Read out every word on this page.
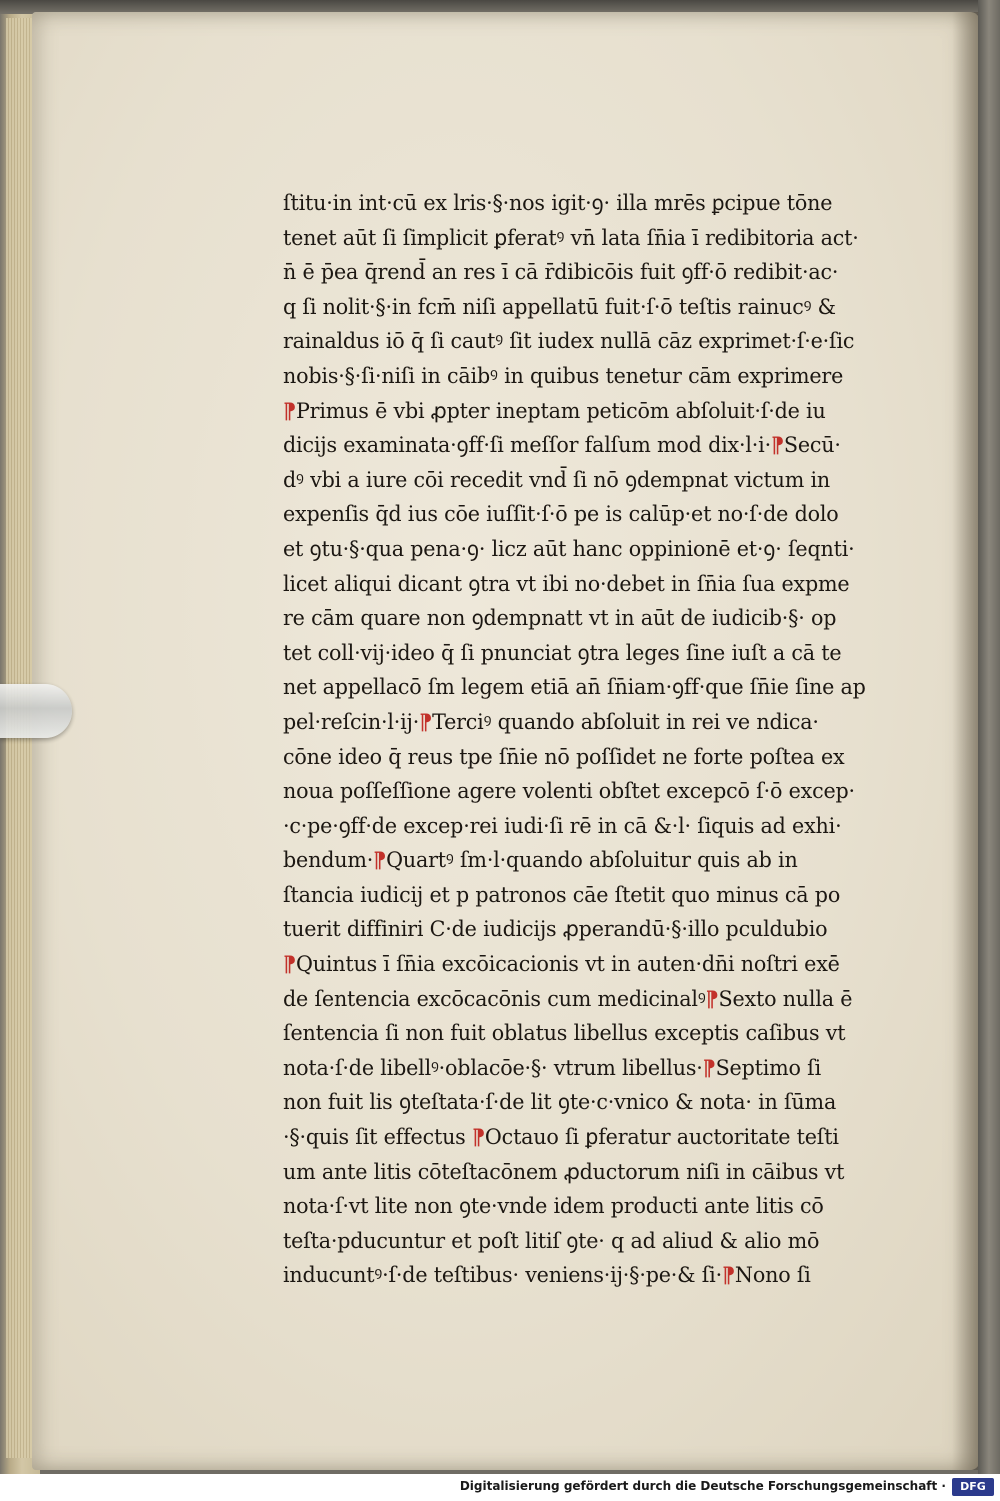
ſtitu·in int·cū ex lris·§·nos igit·ꝯ· illa mrēs ꝑcipue tōne
tenet aūt ſi ſimplicit ꝑferatꝰ vn̄ lata ſn̄ia ī redibitoria act·
n̄ ē p̄ea q̄rend̄ an res ī cā r̄dibicōis fuit ꝯff·ō redibit·ac·
q ſi nolit·§·in fcm̄ niſi appellatū fuit·ſ·ō teſtis rainucꝰ &
rainaldus iō q̄ ſi cautꝰ ſit iudex nullā cāz exprimet·ſ·e·ſic
nobis·§·ſi·niſi in cāibꝰ in quibus tenetur cām exprimere
⁋Primus ē vbi ꝓpter ineptam peticōm abſoluit·ſ·de iu
dicijs examinata·ꝯff·ſi meſſor falſum mod dix·l·i·⁋Secū·
dꝰ vbi a iure cōi recedit vnd̄ ſi nō ꝯdempnat victum in
expenſis q̄d ius cōe iuſſit·ſ·ō pe is calūp·et no·ſ·de dolo
et ꝯtu·§·qua pena·ꝯ· licz aūt hanc oppinionē et·ꝯ· ſeqnti·
licet aliqui dicant ꝯtra vt ibi no·debet in ſn̄ia ſua expme
re cām quare non ꝯdempnatt vt in aūt de iudicib·§· op
tet coll·vij·ideo q̄ ſi pnunciat ꝯtra leges ſine iuſt a cā te
net appellacō ſm legem etiā an̄ ſn̄iam·ꝯff·que ſn̄ie ſine ap
pel·reſcin·l·ij·⁋Terciꝰ quando abſoluit in rei ve ndica·
cōne ideo q̄ reus tpe ſn̄ie nō poſſidet ne forte poſtea ex
noua poſſeſſione agere volenti obſtet excepcō ſ·ō excep·
·c·pe·ꝯff·de excep·rei iudi·ſi rē in cā &·l· ſiquis ad exhi·
bendum·⁋Quartꝰ ſm·l·quando abſoluitur quis ab in
ſtancia iudicij et p patronos cāe ſtetit quo minus cā po
tuerit diffiniri C·de iudicijs ꝓperandū·§·illo pculdubio
⁋Quintus ī ſn̄ia excōicacionis vt in auten·dn̄i noſtri exē
de ſentencia excōcacōnis cum medicinalꝰ⁋Sexto nulla ē
ſentencia ſi non fuit oblatus libellus exceptis caſibus vt
nota·ſ·de libellꝰ·oblacōe·§· vtrum libellus·⁋Septimo ſi
non fuit lis ꝯteſtata·ſ·de lit ꝯte·c·vnico & nota· in ſūma
·§·quis ſit effectus ⁋Octauo ſi ꝑferatur auctoritate teſti
um ante litis cōteſtacōnem ꝓductorum niſi in cāibus vt
nota·ſ·vt lite non ꝯte·vnde idem producti ante litis cō
teſta·pducuntur et poſt litiſ ꝯte· q ad aliud & alio mō
inducuntꝰ·ſ·de teſtibus· veniens·ij·§·pe·& ſi·⁋Nono ſi
Digitalisierung gefördert durch die Deutsche Forschungsgemeinschaft ·	DFG
